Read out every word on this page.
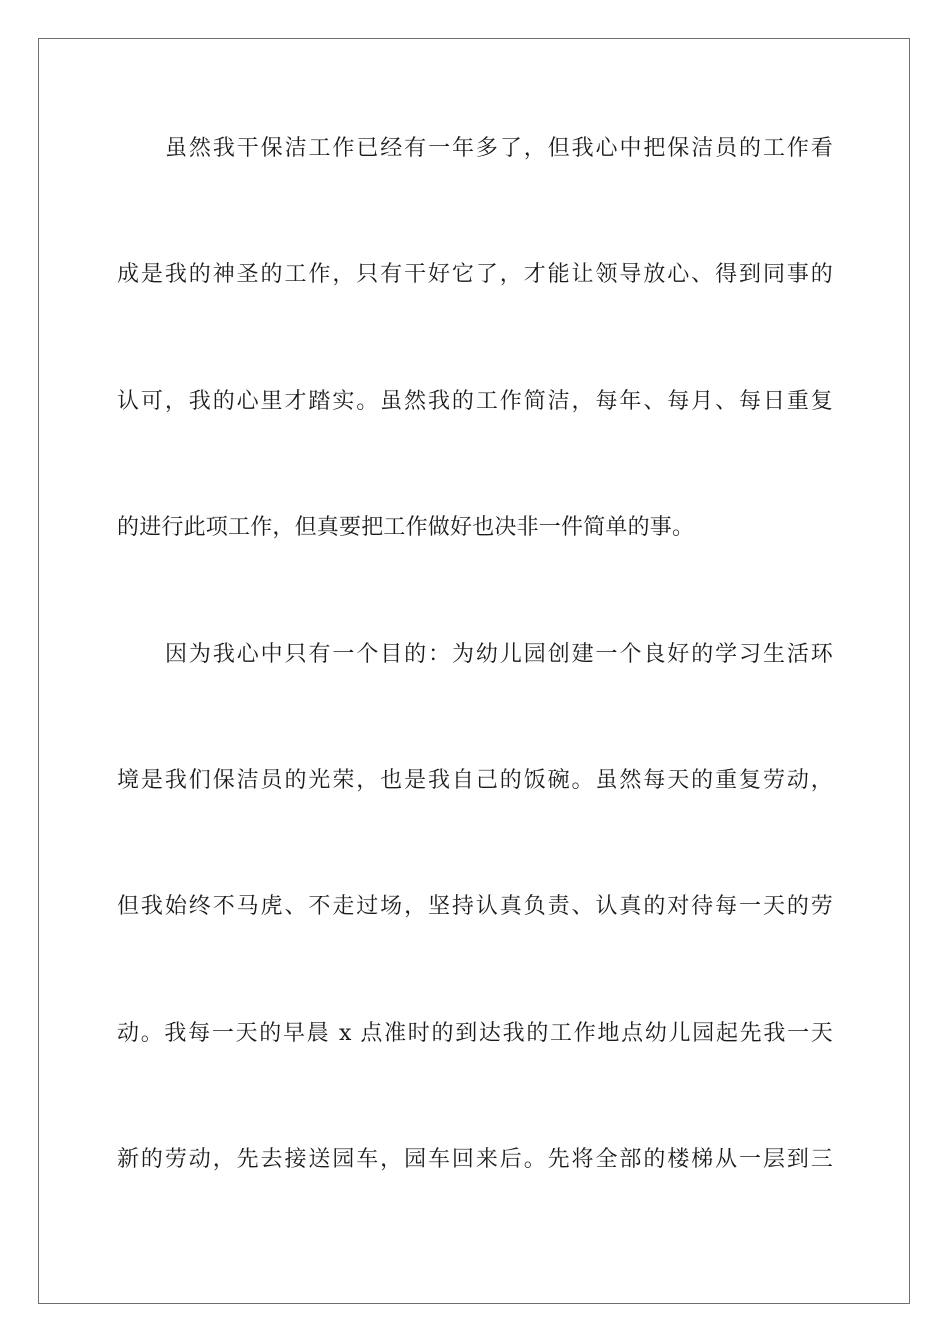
虽然我干保洁工作已经有一年多了，但我心中把保洁员的工作看
成是我的神圣的工作，只有干好它了，才能让领导放心、得到同事的
认可，我的心里才踏实。虽然我的工作简洁，每年、每月、每日重复
的进行此项工作，但真要把工作做好也决非一件简单的事。
因为我心中只有一个目的：为幼儿园创建一个良好的学习生活环
境是我们保洁员的光荣，也是我自己的饭碗。虽然每天的重复劳动，
但我始终不马虎、不走过场，坚持认真负责、认真的对待每一天的劳
动。我每一天的早晨 x 点准时的到达我的工作地点幼儿园起先我一天
新的劳动，先去接送园车，园车回来后。先将全部的楼梯从一层到三
